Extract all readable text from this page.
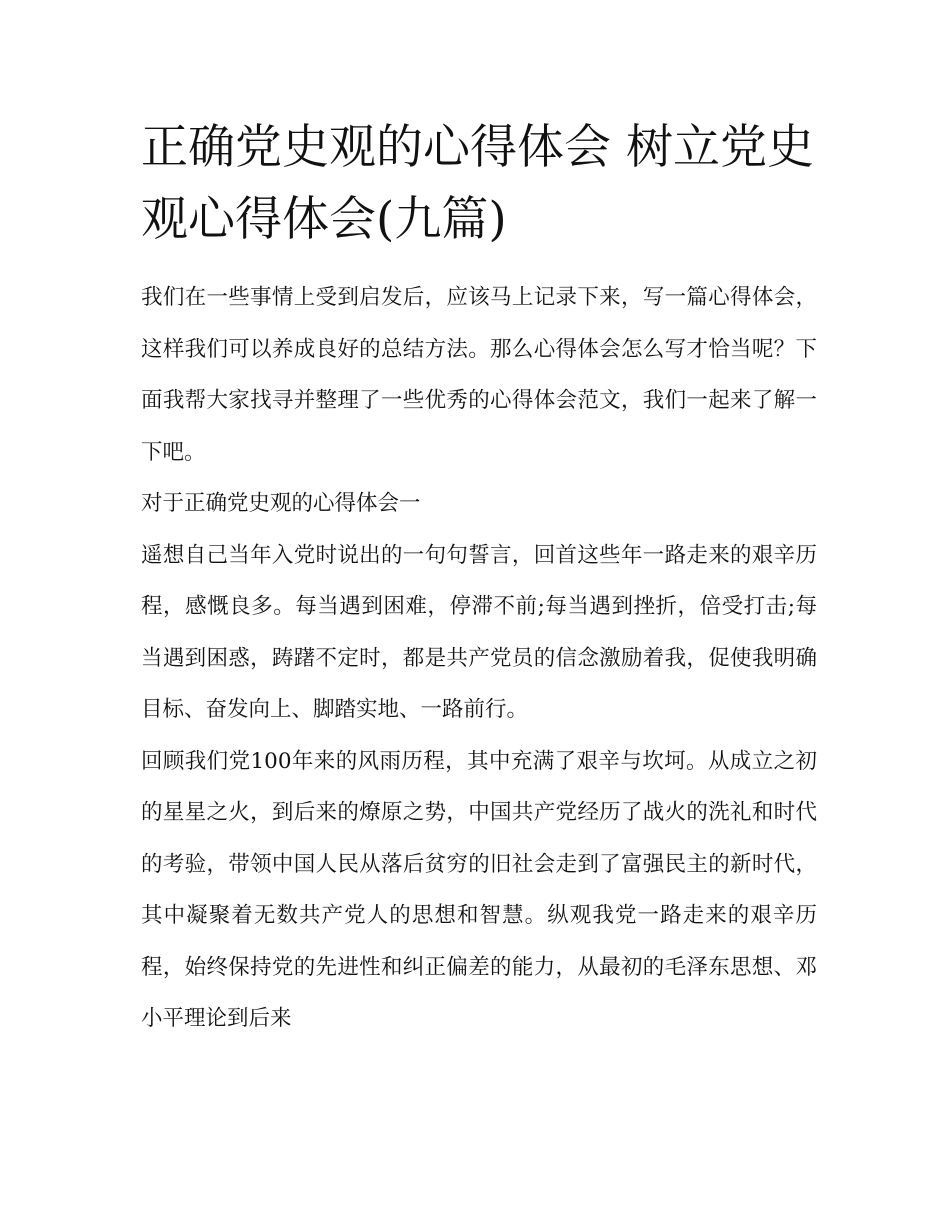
正确党史观的心得体会 树立党史观心得体会(九篇)

我们在一些事情上受到启发后，应该马上记录下来，写一篇心得体会，这样我们可以养成良好的总结方法。那么心得体会怎么写才恰当呢？下面我帮大家找寻并整理了一些优秀的心得体会范文，我们一起来了解一下吧。

对于正确党史观的心得体会一

遥想自己当年入党时说出的一句句誓言，回首这些年一路走来的艰辛历程，感慨良多。每当遇到困难，停滞不前;每当遇到挫折，倍受打击;每当遇到困惑，踌躇不定时，都是共产党员的信念激励着我，促使我明确目标、奋发向上、脚踏实地、一路前行。

回顾我们党100年来的风雨历程，其中充满了艰辛与坎坷。从成立之初的星星之火，到后来的燎原之势，中国共产党经历了战火的洗礼和时代的考验，带领中国人民从落后贫穷的旧社会走到了富强民主的新时代，其中凝聚着无数共产党人的思想和智慧。纵观我党一路走来的艰辛历程，始终保持党的先进性和纠正偏差的能力，从最初的毛泽东思想、邓小平理论到后来
